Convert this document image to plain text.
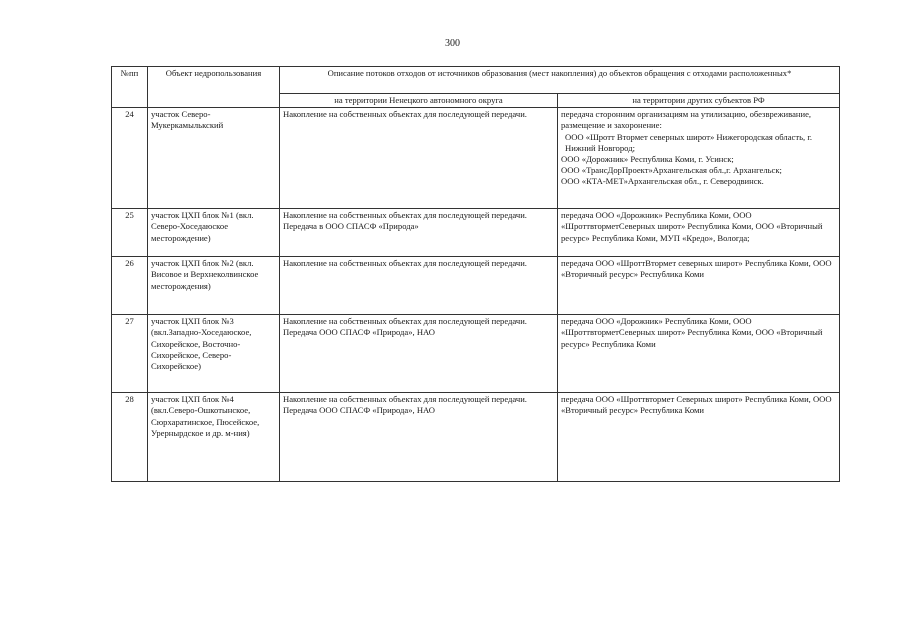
300
№пп	Объект недропользования	Описание потоков отходов от источников образования (мест накопления) до объектов обращения с отходами расположенных*	
		на территории Ненецкого автономного округа	на территории других субъектов РФ
24	участок Северо-Мукеркамылькский	Накопление на собственных объектах для последующей передачи.	передача сторонним организациям на утилизацию, обезвреживание, размещение и захоронение:
ООО «Шротт Втормет северных широт» Нижегородская область, г. Нижний Новгород;
ООО «Дорожник» Республика Коми, г. Усинск;
ООО «ТрансДорПроект»Архангельская обл.,г. Архангельск;
ООО «КТА-МЕТ»Архангельская обл., г. Северодвинск.

25	участок ЦХП блок №1 (вкл. Северо-Хоседаюское месторождение)	Накопление на собственных объектах для последующей передачи. Передача в ООО СПАСФ «Природа»	передача ООО «Дорожник» Республика Коми, ООО «ШроттвторметСеверных широт» Республика Коми, ООО «Вторичный ресурс» Республика Коми, МУП «Кредо», Вологда;

26	участок ЦХП блок №2 (вкл. Висовое и Верхнеколвинское месторождения)	Накопление на собственных объектах для последующей передачи.	передача ООО «ШроттВтормет северных широт» Республика Коми, ООО «Вторичный ресурс» Республика Коми

27	участок ЦХП блок №3 (вкл.Западно-Хоседаюское, Сихорейское, Восточно-Сихорейское, Северо-Сихорейское)	Накопление на собственных объектах для последующей передачи. Передача ООО СПАСФ «Природа», НАО	передача ООО «Дорожник» Республика Коми, ООО «ШроттвторметСеверных широт» Республика Коми, ООО «Вторичный ресурс» Республика Коми

28	участок ЦХП блок №4 (вкл.Северо-Ошкотынское, Сюрхаратинское, Пюсейское, Урернырдское и др. м-ния)	Накопление на собственных объектах для последующей передачи. Передача ООО СПАСФ «Природа», НАО	передача ООО «Шроттвтормет Северных широт» Республика Коми, ООО «Вторичный ресурс» Республика Коми
